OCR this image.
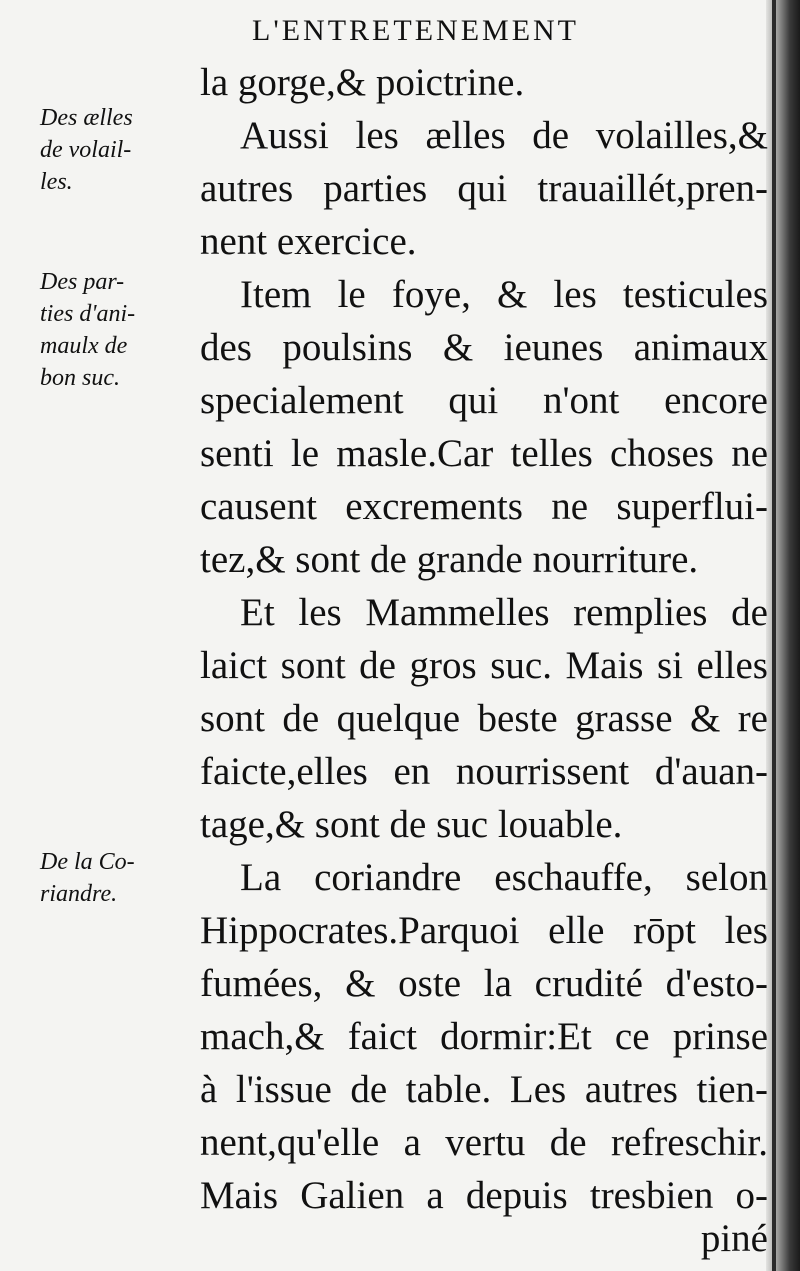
L'ENTRETENEMENT
la gorge,& poictrine.
Aussi les ælles de volailles,&
autres parties qui trauaillét,pren-
nent exercice.
Item le foye, & les testicules
des poulsins & ieunes animaux
specialement qui n'ont encore
senti le masle.Car telles choses ne
causent excrements ne superflui-
tez,& sont de grande nourriture.
Et les Mammelles remplies de
laict sont de gros suc. Mais si elles
sont de quelque beste grasse & re
faicte,elles en nourrissent d'auan-
tage,& sont de suc louable.
La coriandre eschauffe, selon
Hippocrates.Parquoi elle rōpt les
fumées, & oste la crudité d'esto-
mach,& faict dormir:Et ce prinse
à l'issue de table. Les autres tien-
nent,qu'elle a vertu de refreschir.
Mais Galien a depuis tresbien o-
piné
Des ælles
de volail-
les.
Des par-
ties d'ani-
maulx de
bon suc.
De la Co-
riandre.
